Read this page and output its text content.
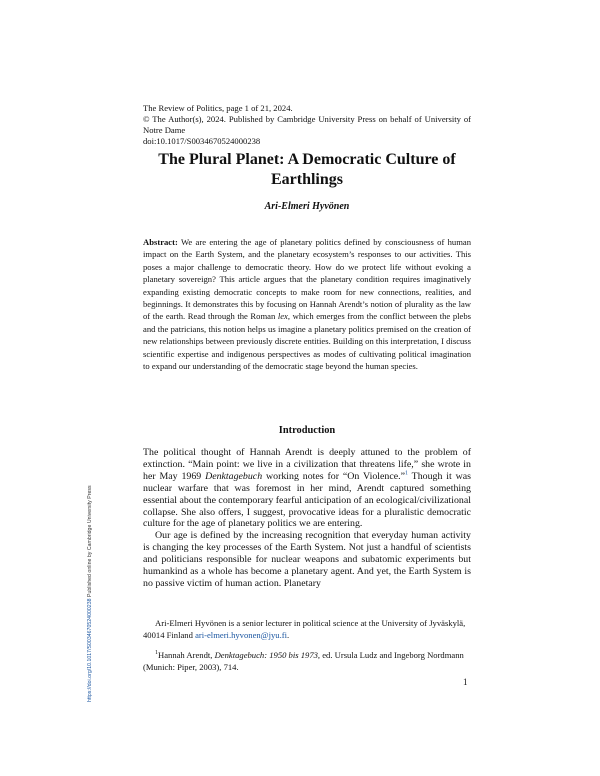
The Review of Politics, page 1 of 21, 2024.
© The Author(s), 2024. Published by Cambridge University Press on behalf of University of Notre Dame
doi:10.1017/S0034670524000238
The Plural Planet: A Democratic Culture of Earthlings
Ari-Elmeri Hyvönen
Abstract: We are entering the age of planetary politics defined by consciousness of human impact on the Earth System, and the planetary ecosystem’s responses to our activities. This poses a major challenge to democratic theory. How do we protect life without evoking a planetary sovereign? This article argues that the planetary condition requires imaginatively expanding existing democratic concepts to make room for new connections, realities, and beginnings. It demonstrates this by focusing on Hannah Arendt’s notion of plurality as the law of the earth. Read through the Roman lex, which emerges from the conflict between the plebs and the patricians, this notion helps us imagine a planetary politics premised on the creation of new relationships between previously discrete entities. Building on this interpretation, I discuss scientific expertise and indigenous perspectives as modes of cultivating political imagination to expand our understanding of the democratic stage beyond the human species.
Introduction

The political thought of Hannah Arendt is deeply attuned to the problem of extinction. “Main point: we live in a civilization that threatens life,” she wrote in her May 1969 Denktagebuch working notes for “On Violence.”$^1$ Though it was nuclear warfare that was foremost in her mind, Arendt captured something essential about the contemporary fearful anticipation of an ecological/civilizational collapse. She also offers, I suggest, provocative ideas for a pluralistic democratic culture for the age of planetary politics we are entering.

Our age is defined by the increasing recognition that everyday human activity is changing the key processes of the Earth System. Not just a handful of scientists and politicians responsible for nuclear weapons and subatomic experiments but humankind as a whole has become a planetary agent. And yet, the Earth System is no passive victim of human action. Planetary

Ari-Elmeri Hyvönen is a senior lecturer in political science at the University of Jyväskylä, 40014 Finland ari-elmeri.hyvonen@jyu.fi.
$^1$Hannah Arendt, Denktagebuch: 1950 bis 1973, ed. Ursula Ludz and Ingeborg Nordmann (Munich: Piper, 2003), 714.
1
https://doi.org/10.1017/S0034670524000238 Published online by Cambridge University Press
